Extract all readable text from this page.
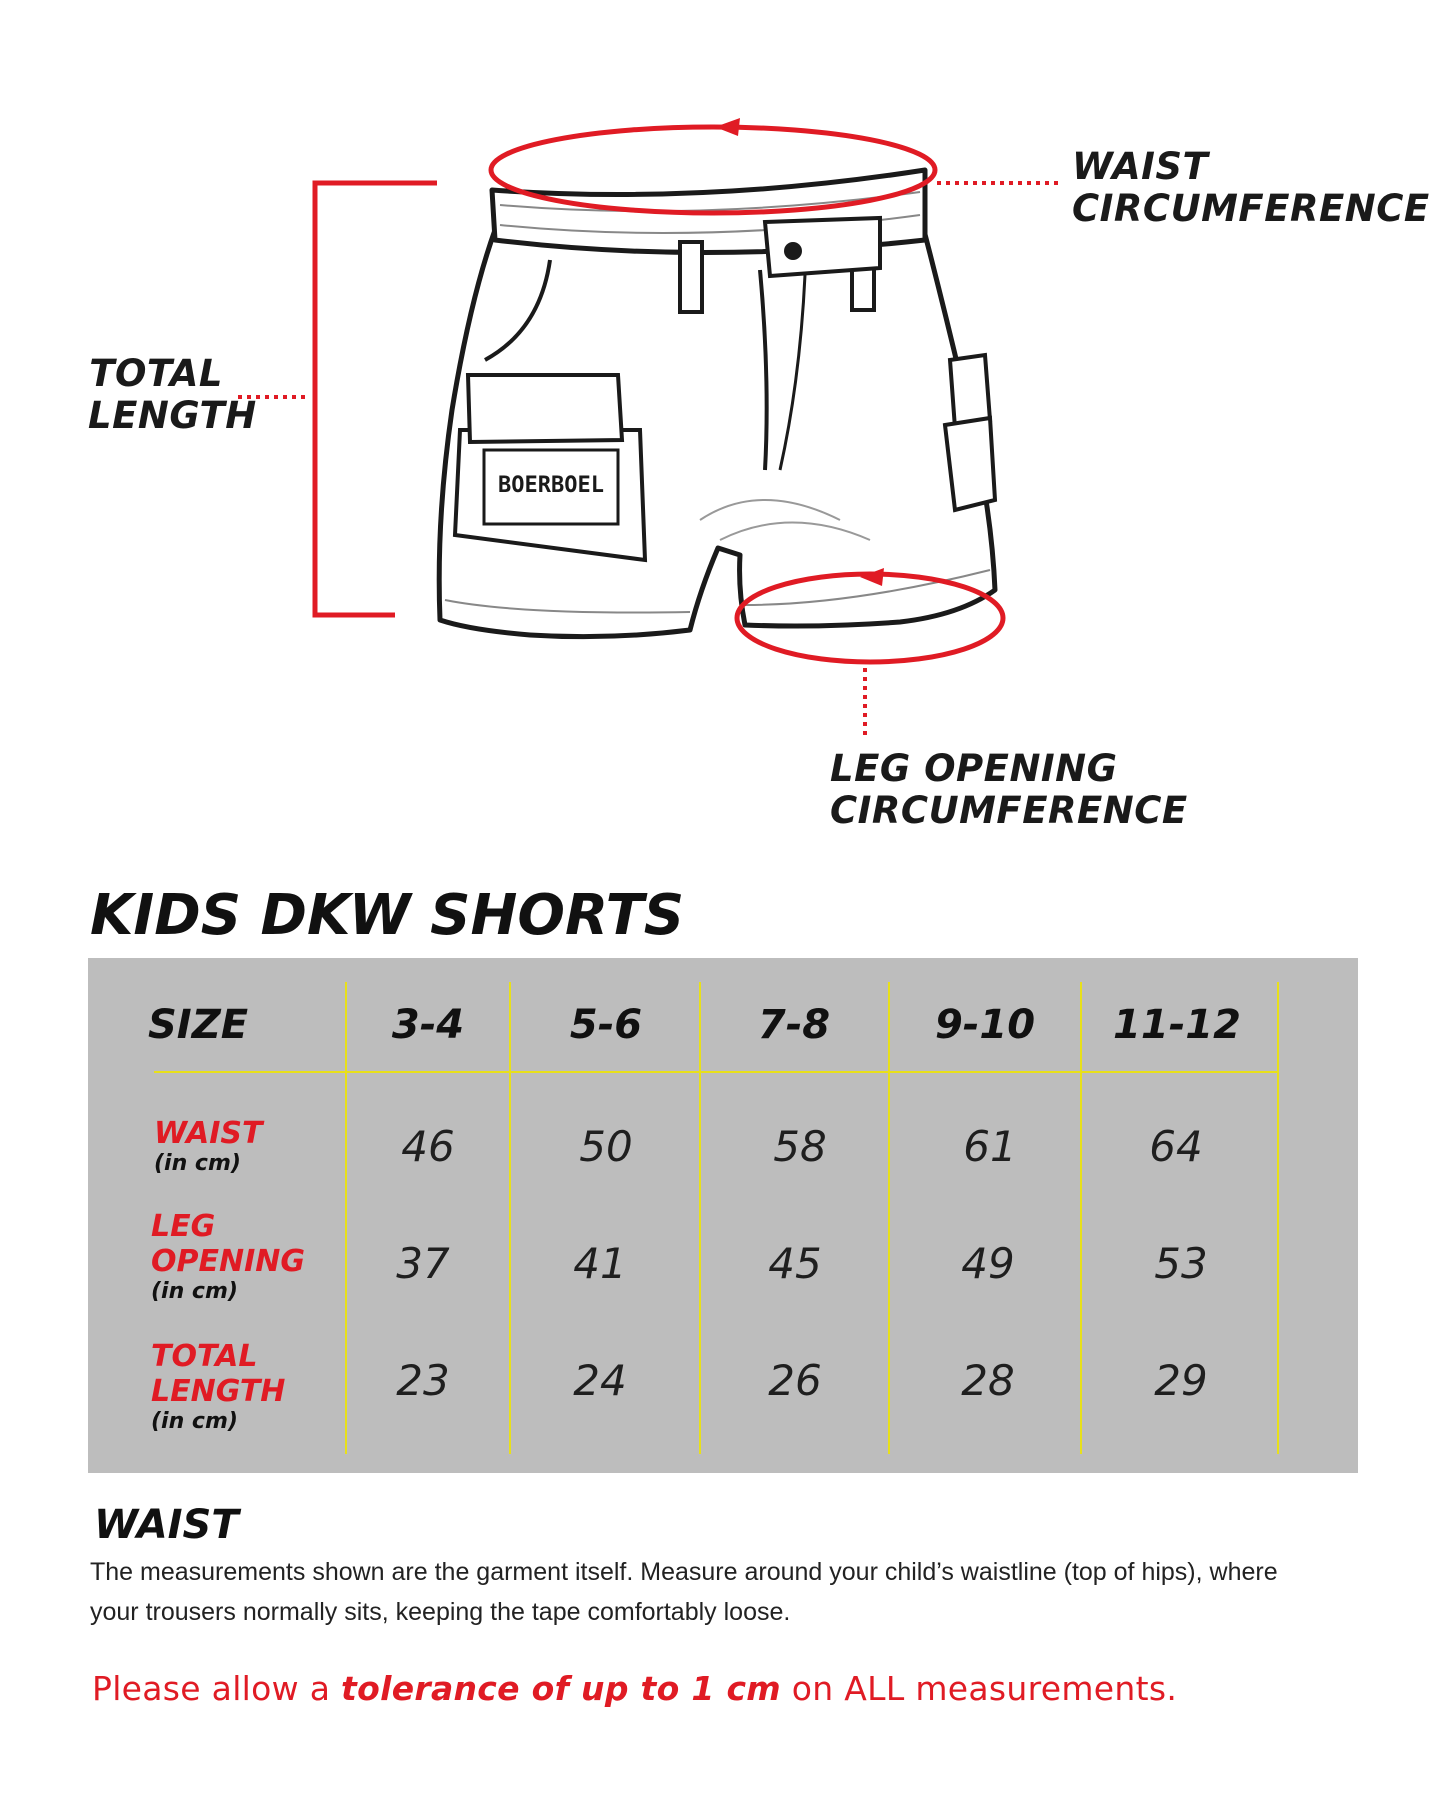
BOERBOEL
WAIST
CIRCUMFERENCE
TOTAL
LENGTH
LEG OPENING
CIRCUMFERENCE
KIDS DKW SHORTS
SIZE	3-4	5-6	7-8	9-10	11-12
WAIST
(in cm)	46	50	58	61	64
LEG
OPENING
(in cm)
37	41	45	49	53
TOTAL
LENGTH
(in cm)
23	24	26	28	29
WAIST
The measurements shown are the garment itself. Measure around your child’s waistline (top of hips), where your trousers normally sits, keeping the tape comfortably loose.
Please allow a tolerance of up to 1 cm on ALL measurements.
